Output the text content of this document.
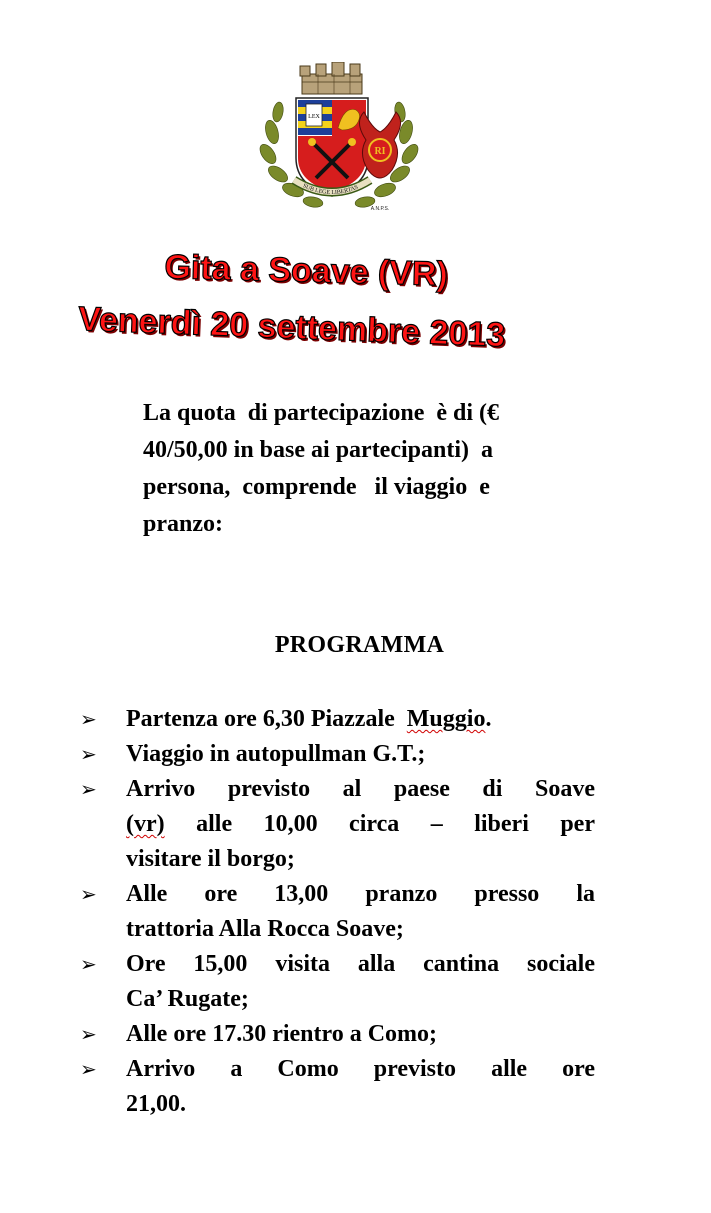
LEX
SUB LEGE LIBERTAS
RI
A.N.P.S.
Gita a Soave (VR)
Venerdì 20 settembre 2013
La quota  di partecipazione  è di (€
40/50,00 in base ai partecipanti)  a
persona,  comprende   il viaggio  e
pranzo:
PROGRAMMA
➢ Partenza ore 6,30 Piazzale  Muggio.
➢ Viaggio in autopullman G.T.;
➢ Arrivo previsto al paese di Soave
(vr) alle 10,00 circa – liberi per
visitare il borgo;
➢ Alle ore 13,00 pranzo presso la
trattoria Alla Rocca Soave;
➢ Ore 15,00 visita alla cantina sociale
Ca’ Rugate;
➢ Alle ore 17.30 rientro a Como;
➢ Arrivo a Como previsto alle ore
21,00.
